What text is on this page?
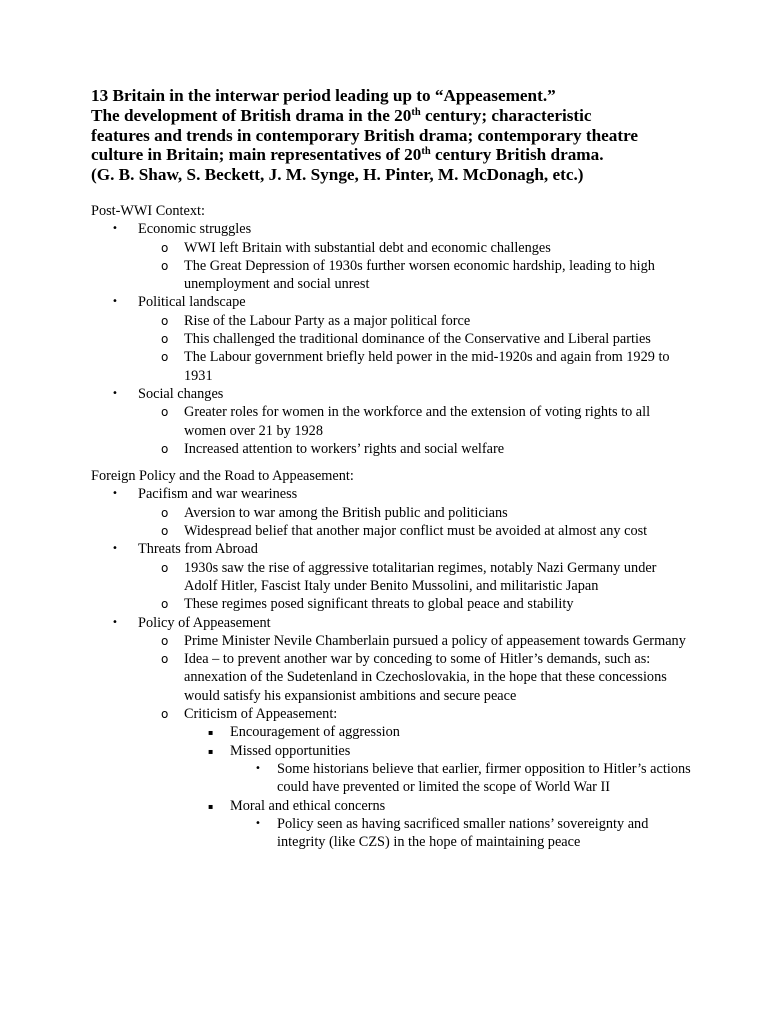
13 Britain in the interwar period leading up to “Appeasement.”
The development of British drama in the 20th century; characteristic
features and trends in contemporary British drama; contemporary theatre
culture in Britain; main representatives of 20th century British drama.
(G. B. Shaw, S. Beckett, J. M. Synge, H. Pinter, M. McDonagh, etc.)
Post-WWI Context:
• Economic struggles
o WWI left Britain with substantial debt and economic challenges
o The Great Depression of 1930s further worsen economic hardship, leading to high unemployment and social unrest
• Political landscape
o Rise of the Labour Party as a major political force
o This challenged the traditional dominance of the Conservative and Liberal parties
o The Labour government briefly held power in the mid-1920s and again from 1929 to 1931
• Social changes
o Greater roles for women in the workforce and the extension of voting rights to all women over 21 by 1928
o Increased attention to workers’ rights and social welfare
Foreign Policy and the Road to Appeasement:
• Pacifism and war weariness
o Aversion to war among the British public and politicians
o Widespread belief that another major conflict must be avoided at almost any cost
• Threats from Abroad
o 1930s saw the rise of aggressive totalitarian regimes, notably Nazi Germany under Adolf Hitler, Fascist Italy under Benito Mussolini, and militaristic Japan
o These regimes posed significant threats to global peace and stability
• Policy of Appeasement
o Prime Minister Nevile Chamberlain pursued a policy of appeasement towards Germany
o Idea – to prevent another war by conceding to some of Hitler’s demands, such as: annexation of the Sudetenland in Czechoslovakia, in the hope that these concessions would satisfy his expansionist ambitions and secure peace
o Criticism of Appeasement:
▪ Encouragement of aggression
▪ Missed opportunities
• Some historians believe that earlier, firmer opposition to Hitler’s actions could have prevented or limited the scope of World War II
▪ Moral and ethical concerns
• Policy seen as having sacrificed smaller nations’ sovereignty and integrity (like CZS) in the hope of maintaining peace
